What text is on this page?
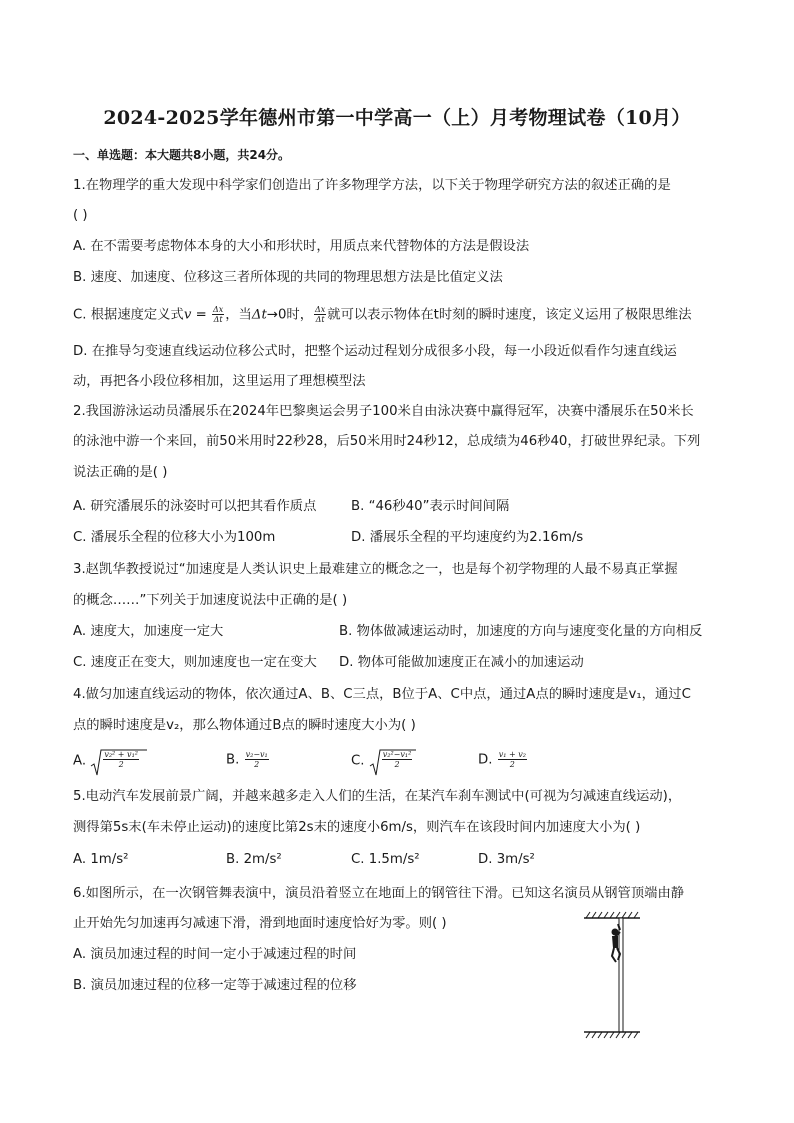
2024-2025学年德州市第一中学高一（上）月考物理试卷（10月）
一、单选题：本大题共8小题，共24分。
1.在物理学的重大发现中科学家们创造出了许多物理学方法，以下关于物理学研究方法的叙述正确的是
( )
A. 在不需要考虑物体本身的大小和形状时，用质点来代替物体的方法是假设法
B. 速度、加速度、位移这三者所体现的共同的物理思想方法是比值定义法
C. 根据速度定义式$v = \frac{\Delta x}{\Delta t}$ ，当Δt→0时， $\frac{\Delta x}{\Delta t}$ 就可以表示物体在t时刻的瞬时速度，该定义运用了极限思维法
D. 在推导匀变速直线运动位移公式时，把整个运动过程划分成很多小段，每一小段近似看作匀速直线运
动，再把各小段位移相加，这里运用了理想模型法
2.我国游泳运动员潘展乐在2024年巴黎奥运会男子100米自由泳决赛中赢得冠军，决赛中潘展乐在50米长
的泳池中游一个来回，前50米用时22秒28，后50米用时24秒12，总成绩为46秒40，打破世界纪录。下列
说法正确的是( )
A. 研究潘展乐的泳姿时可以把其看作质点	B. “46秒40”表示时间间隔
C. 潘展乐全程的位移大小为100m	D. 潘展乐全程的平均速度约为2.16m/s
3.赵凯华教授说过“加速度是人类认识史上最难建立的概念之一，也是每个初学物理的人最不易真正掌握
的概念……”下列关于加速度说法中正确的是( )
A. 速度大，加速度一定大	B. 物体做减速运动时，加速度的方向与速度变化量的方向相反
C. 速度正在变大，则加速度也一定在变大 D. 物体可能做加速度正在减小的加速运动
4.做匀加速直线运动的物体，依次通过A、B、C三点，B位于A、C中点，通过A点的瞬时速度是v₁，通过C
点的瞬时速度是v₂，那么物体通过B点的瞬时速度大小为( )
A. $\frac{\text{v₂² + v₁²}}{2}$	B. $\frac{\text{v₂−v₁}}{2}$	C. $\frac{\text{v₂²−v₁²}}{2}$	D. $\frac{\text{v₁ + v₂}}{2}$
5.电动汽车发展前景广阔，并越来越多走入人们的生活，在某汽车刹车测试中(可视为匀减速直线运动)，
测得第5s末(车未停止运动)的速度比第2s末的速度小6m/s，则汽车在该段时间内加速度大小为( )
A. 1m/s²	B. 2m/s²	C. 1.5m/s²	D. 3m/s²
6.如图所示，在一次钢管舞表演中，演员沿着竖立在地面上的钢管往下滑。已知这名演员从钢管顶端由静
止开始先匀加速再匀减速下滑，滑到地面时速度恰好为零。则( )
A. 演员加速过程的时间一定小于减速过程的时间
B. 演员加速过程的位移一定等于减速过程的位移
